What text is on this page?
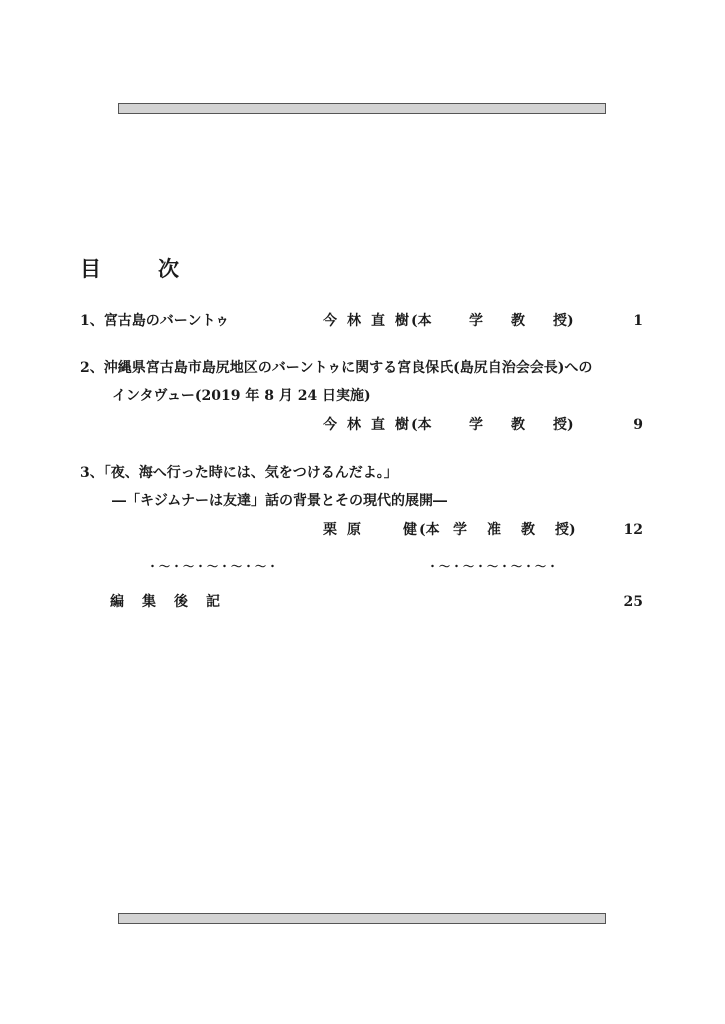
目	次
1、宮古島のバーントゥ	今 林 直 樹 (本	学 教 授)	1
2、沖縄県宮古島市島尻地区のバーントゥに関する宮良保氏(島尻自治会会長)への
インタヴュー(2019 年 8 月 24 日実施)
今 林 直 樹 (本	学 教 授)	9
3、「夜、海へ行った時には、気をつけるんだよ。」
―「キジムナーは友達」話の背景とその現代的展開―
栗 原	健 (本 学 准 教 授)	12
・～・～・～・～・～・	・～・～・～・～・～・
編 集 後 記	25
